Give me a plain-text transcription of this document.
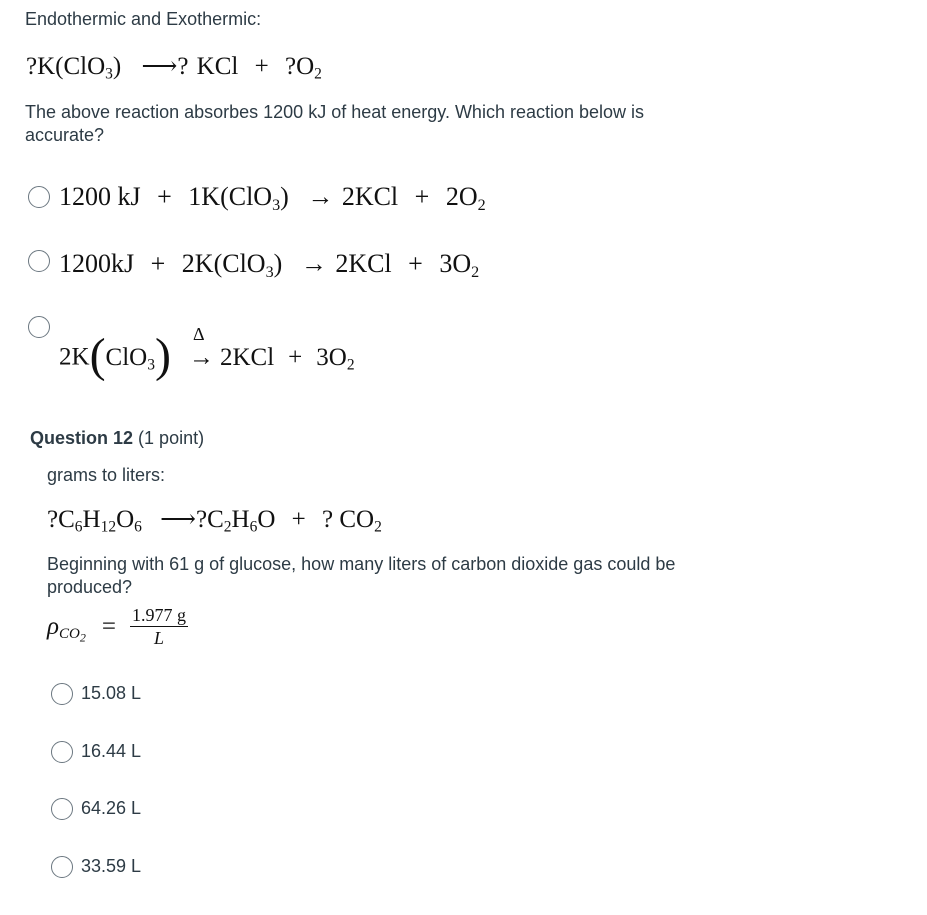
Endothermic and Exothermic:
?K(ClO$_3$) ⟶? KCl + $?O_2$
The above reaction absorbes 1200 kJ of heat energy. Which reaction below is accurate?
1200 kJ + $1K(ClO_3) \to 2KCl + 2O_2$
$1200kJ + 2K(ClO_3) \to 2KCl + 3O_2$
2K(ClO$_3$) Δ
→ $2KCl + 3O_2$
Question 12 (1 point)
grams to liters:
$?C_6H_{12}O_6$ $⟶?C_2H_6O$ + ? $CO_2$
Beginning with 61 g of glucose, how many liters of carbon dioxide gas could be produced?
$\rho_{CO_2} = \frac{1.977 g}{L}$
15.08 L
16.44 L
64.26 L
33.59 L
